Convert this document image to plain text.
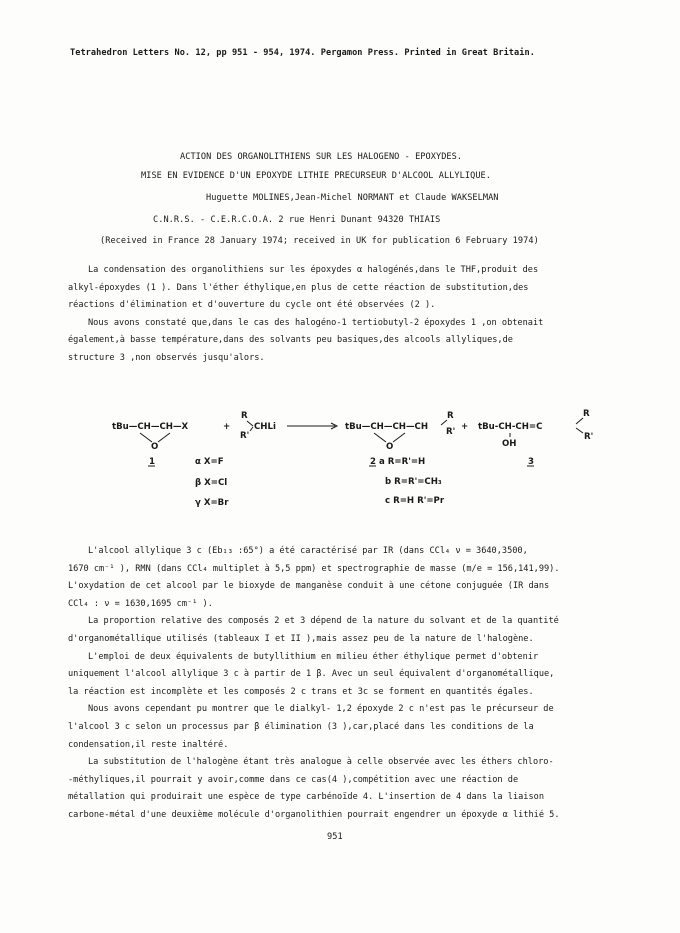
Tetrahedron Letters No. 12, pp 951 - 954, 1974. Pergamon Press. Printed in Great Britain.
ACTION DES ORGANOLITHIENS SUR LES HALOGENO - EPOXYDES.
MISE EN EVIDENCE D'UN EPOXYDE LITHIE PRECURSEUR D'ALCOOL ALLYLIQUE.
Huguette MOLINES,Jean-Michel NORMANT et Claude WAKSELMAN
C.N.R.S. - C.E.R.C.O.A. 2 rue Henri Dunant 94320 THIAIS
(Received in France 28 January 1974; received in UK for publication 6 February 1974)
La condensation des organolithiens sur les époxydes α halogénés,dans le THF,produit des
alkyl-époxydes (1 ). Dans l'éther éthylique,en plus de cette réaction de substitution,des
réactions d'élimination et d'ouverture du cycle ont été observées (2 ).
Nous avons constaté que,dans le cas des halogéno-1 tertiobutyl-2 époxydes 1 ,on obtenait
également,à basse température,dans des solvants peu basiques,des alcools allyliques,de
structure 3 ,non observés jusqu'alors.
tBu—CH—CH—X
O
+
R
R'
CHLi	tBu—CH—CH—CH
O
R
R' + tBu-CH-CH=C
OH
R
R'
1	2	3
α X=F
β X=Cl
γ X=Br
a R=R'=H
b R=R'=CH₃
c R=H R'=Pr
L'alcool allylique 3 c (Eb₁₃ :65°) a été caractérisé par IR (dans CCl₄ ν = 3640,3500,
1670 cm⁻¹ ), RMN (dans CCl₄ multiplet à 5,5 ppm) et spectrographie de masse (m/e = 156,141,99).
L'oxydation de cet alcool par le bioxyde de manganèse conduit à une cétone conjuguée (IR dans
CCl₄ : ν = 1630,1695 cm⁻¹ ).
La proportion relative des composés 2 et 3 dépend de la nature du solvant et de la quantité
d'organométallique utilisés (tableaux I et II ),mais assez peu de la nature de l'halogène.
L'emploi de deux équivalents de butyllithium en milieu éther éthylique permet d'obtenir
uniquement l'alcool allylique 3 c à partir de 1 β. Avec un seul équivalent d'organométallique,
la réaction est incomplète et les composés 2 c trans et 3c se forment en quantités égales.
Nous avons cependant pu montrer que le dialkyl- 1,2 époxyde 2 c n'est pas le précurseur de
l'alcool 3 c selon un processus par β élimination (3 ),car,placé dans les conditions de la
condensation,il reste inaltéré.
La substitution de l'halogène étant très analogue à celle observée avec les éthers chloro-
-méthyliques,il pourrait y avoir,comme dans ce cas(4 ),compétition avec une réaction de
métallation qui produirait une espèce de type carbénoïde 4. L'insertion de 4 dans la liaison
carbone-métal d'une deuxième molécule d'organolithien pourrait engendrer un époxyde α lithié 5.
951
